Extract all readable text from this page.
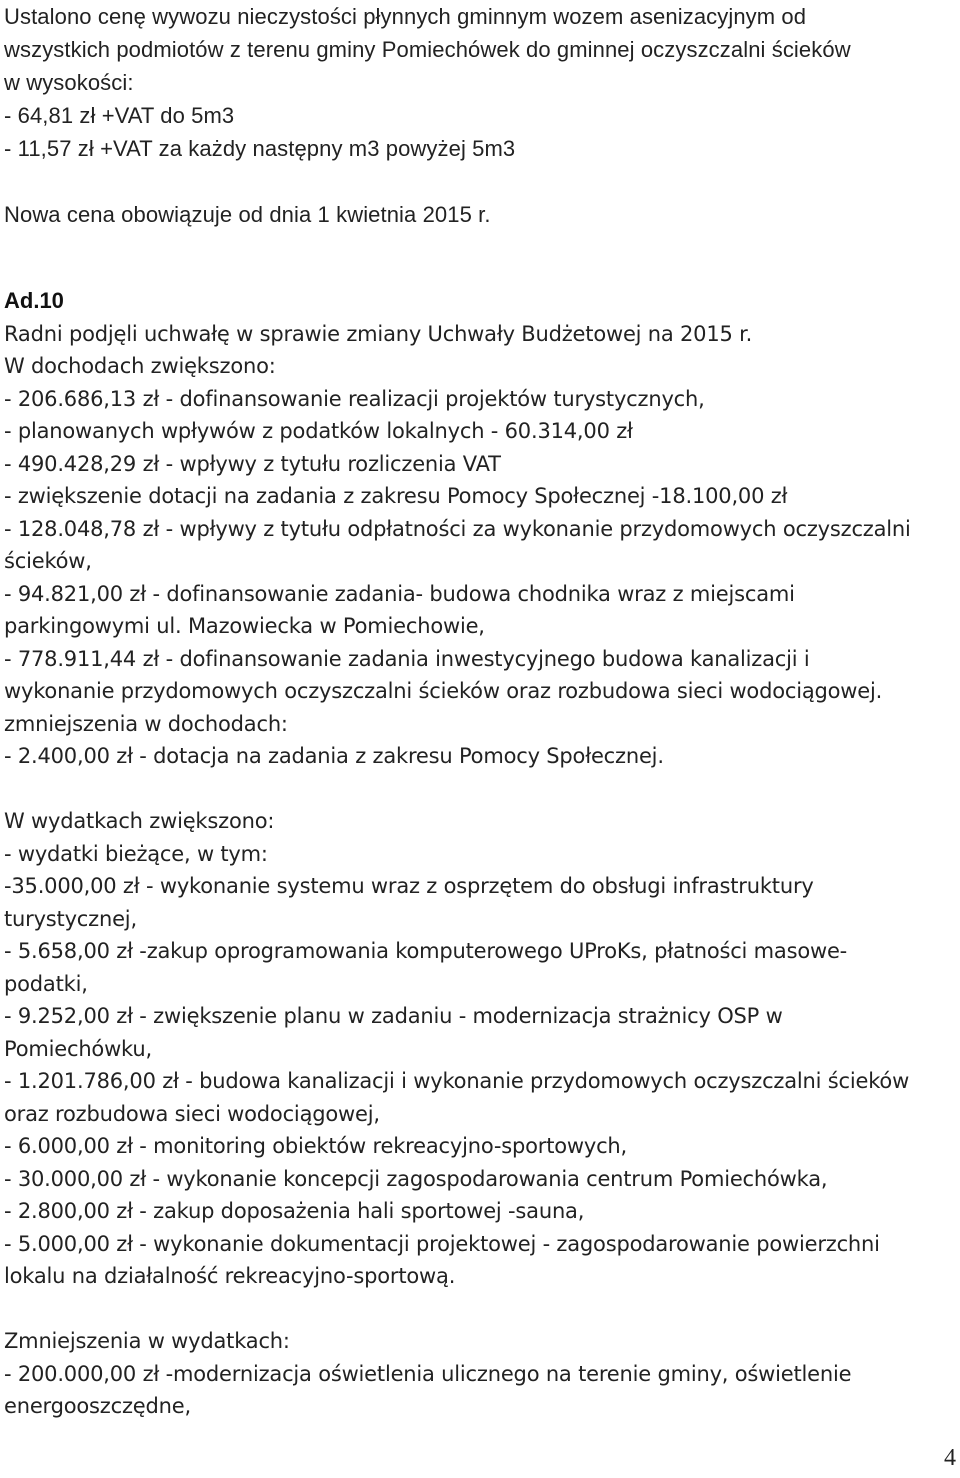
Ustalono cenę wywozu nieczystości płynnych gminnym wozem asenizacyjnym od
wszystkich podmiotów z terenu gminy Pomiechówek do gminnej oczyszczalni ścieków
w wysokości:
- 64,81 zł +VAT do 5m3
- 11,57 zł +VAT za każdy następny m3 powyżej 5m3

Nowa cena obowiązuje od dnia 1 kwietnia 2015 r.
Ad.10
Radni podjęli uchwałę w sprawie zmiany Uchwały Budżetowej na 2015 r.
W dochodach zwiększono:
- 206.686,13 zł - dofinansowanie realizacji projektów turystycznych,
- planowanych wpływów z podatków lokalnych - 60.314,00 zł
- 490.428,29 zł - wpływy z tytułu rozliczenia VAT
- zwiększenie dotacji na zadania z zakresu Pomocy Społecznej -18.100,00 zł
- 128.048,78 zł - wpływy z tytułu odpłatności za wykonanie przydomowych oczyszczalni
ścieków,
- 94.821,00 zł - dofinansowanie zadania- budowa chodnika wraz z miejscami
parkingowymi ul. Mazowiecka w Pomiechowie,
- 778.911,44 zł - dofinansowanie zadania inwestycyjnego budowa kanalizacji i
wykonanie przydomowych oczyszczalni ścieków oraz rozbudowa sieci wodociągowej.
zmniejszenia w dochodach:
- 2.400,00 zł - dotacja na zadania z zakresu Pomocy Społecznej.

W wydatkach zwiększono:
- wydatki bieżące, w tym:
-35.000,00 zł - wykonanie systemu wraz z osprzętem do obsługi infrastruktury
turystycznej,
- 5.658,00 zł -zakup oprogramowania komputerowego UProKs, płatności masowe-
podatki,
- 9.252,00 zł - zwiększenie planu w zadaniu - modernizacja strażnicy OSP w
Pomiechówku,
- 1.201.786,00 zł - budowa kanalizacji i wykonanie przydomowych oczyszczalni ścieków
oraz rozbudowa sieci wodociągowej,
- 6.000,00 zł - monitoring obiektów rekreacyjno-sportowych,
- 30.000,00 zł - wykonanie koncepcji zagospodarowania centrum Pomiechówka,
- 2.800,00 zł - zakup doposażenia hali sportowej -sauna,
- 5.000,00 zł - wykonanie dokumentacji projektowej - zagospodarowanie powierzchni
lokalu na działalność rekreacyjno-sportową.

Zmniejszenia w wydatkach:
- 200.000,00 zł -modernizacja oświetlenia ulicznego na terenie gminy, oświetlenie
energooszczędne,
4
